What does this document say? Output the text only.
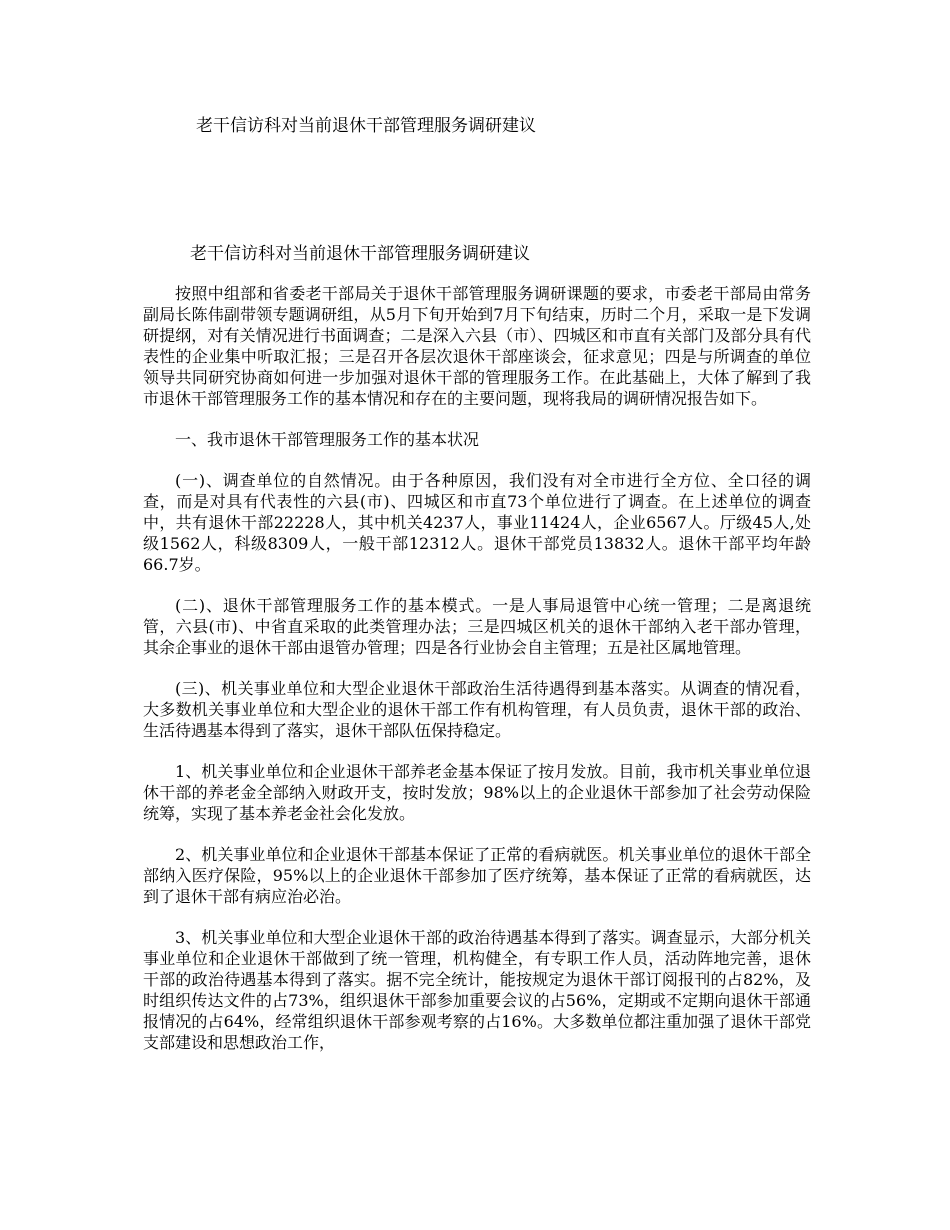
老干信访科对当前退休干部管理服务调研建议
老干信访科对当前退休干部管理服务调研建议

按照中组部和省委老干部局关于退休干部管理服务调研课题的要求，市委老干部局由常务副局长陈伟副带领专题调研组，从5月下旬开始到7月下旬结束，历时二个月，采取一是下发调研提纲，对有关情况进行书面调查；二是深入六县（市）、四城区和市直有关部门及部分具有代表性的企业集中听取汇报；三是召开各层次退休干部座谈会，征求意见；四是与所调查的单位领导共同研究协商如何进一步加强对退休干部的管理服务工作。在此基础上，大体了解到了我市退休干部管理服务工作的基本情况和存在的主要问题，现将我局的调研情况报告如下。

一、我市退休干部管理服务工作的基本状况

(一)、调查单位的自然情况。由于各种原因，我们没有对全市进行全方位、全口径的调查，而是对具有代表性的六县(市)、四城区和市直73个单位进行了调查。在上述单位的调查中，共有退休干部22228人，其中机关4237人，事业11424人，企业6567人。厅级45人,处级1562人，科级8309人，一般干部12312人。退休干部党员13832人。退休干部平均年龄66.7岁。

(二)、退休干部管理服务工作的基本模式。一是人事局退管中心统一管理；二是离退统管，六县(市)、中省直采取的此类管理办法；三是四城区机关的退休干部纳入老干部办管理，其余企事业的退休干部由退管办管理；四是各行业协会自主管理；五是社区属地管理。

(三)、机关事业单位和大型企业退休干部政治生活待遇得到基本落实。从调查的情况看，大多数机关事业单位和大型企业的退休干部工作有机构管理，有人员负责，退休干部的政治、生活待遇基本得到了落实，退休干部队伍保持稳定。

1、机关事业单位和企业退休干部养老金基本保证了按月发放。目前，我市机关事业单位退休干部的养老金全部纳入财政开支，按时发放；98%以上的企业退休干部参加了社会劳动保险统筹，实现了基本养老金社会化发放。

2、机关事业单位和企业退休干部基本保证了正常的看病就医。机关事业单位的退休干部全部纳入医疗保险，95%以上的企业退休干部参加了医疗统筹，基本保证了正常的看病就医，达到了退休干部有病应治必治。

3、机关事业单位和大型企业退休干部的政治待遇基本得到了落实。调查显示，大部分机关事业单位和企业退休干部做到了统一管理，机构健全，有专职工作人员，活动阵地完善，退休干部的政治待遇基本得到了落实。据不完全统计，能按规定为退休干部订阅报刊的占82%，及时组织传达文件的占73%，组织退休干部参加重要会议的占56%，定期或不定期向退休干部通报情况的占64%，经常组织退休干部参观考察的占16%。大多数单位都注重加强了退休干部党支部建设和思想政治工作，
